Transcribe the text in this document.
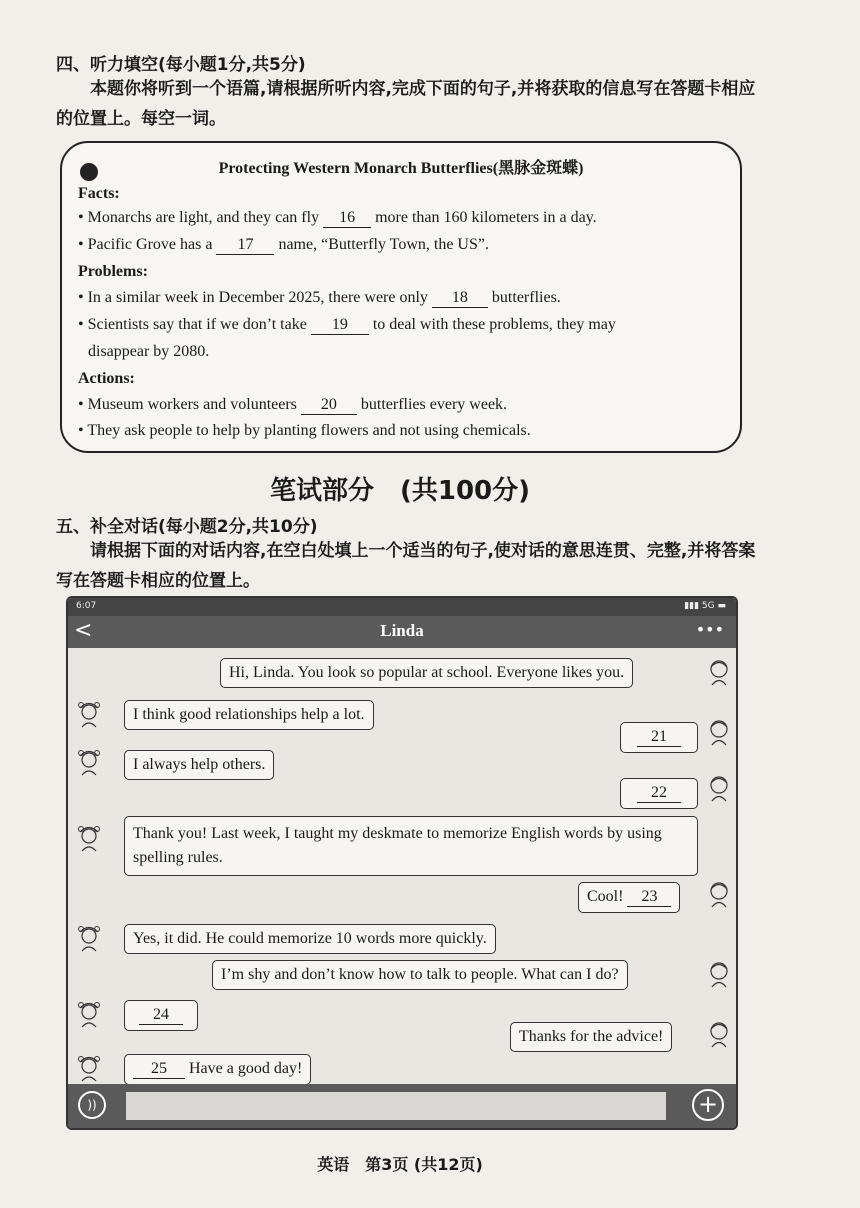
四、听力填空(每小题1分,共5分)
本题你将听到一个语篇,请根据所听内容,完成下面的句子,并将获取的信息写在答题卡相应的位置上。每空一词。
Protecting Western Monarch Butterflies(黑脉金斑蝶)
Facts:
• Monarchs are light, and they can fly 16 more than 160 kilometers in a day.
• Pacific Grove has a 17 name, “Butterfly Town, the US”.
Problems:
• In a similar week in December 2025, there were only 18 butterflies.
• Scientists say that if we don’t take 19 to deal with these problems, they may
disappear by 2080.
Actions:
• Museum workers and volunteers 20 butterflies every week.
• They ask people to help by planting flowers and not using chemicals.
笔试部分　(共100分)
五、补全对话(每小题2分,共10分)
请根据下面的对话内容,在空白处填上一个适当的句子,使对话的意思连贯、完整,并将答案写在答题卡相应的位置上。
6:07	▮▮▮ 5G ▬
<	Linda	•••
Hi, Linda. You look so popular at school. Everyone likes you.
I think good relationships help a lot.
21
I always help others.
22
Thank you! Last week, I taught my deskmate to memorize English words by using spelling rules.
Cool! 23
Yes, it did. He could memorize 10 words more quickly.
I’m shy and don’t know how to talk to people. What can I do?
24
Thanks for the advice!
25 Have a good day!
))	+
英语　第3页 (共12页)
